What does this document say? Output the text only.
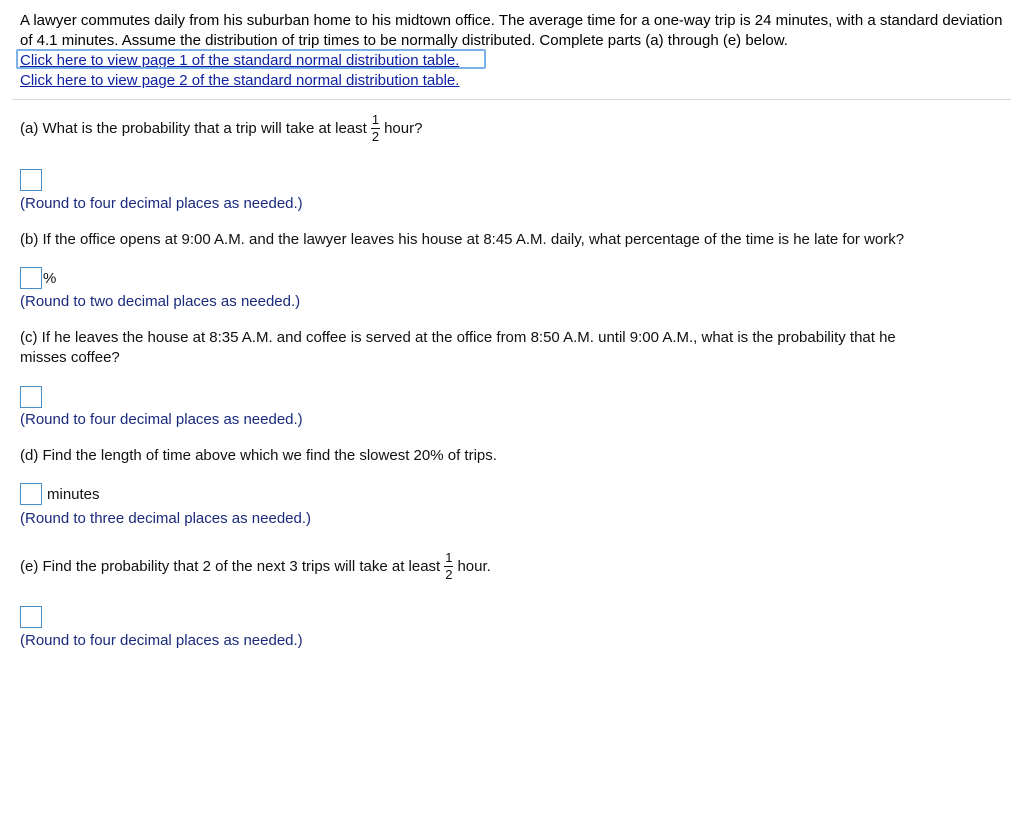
A lawyer commutes daily from his suburban home to his midtown office. The average time for a one-way trip is 24 minutes, with a standard deviation of 4.1 minutes. Assume the distribution of trip times to be normally distributed. Complete parts (a) through (e) below.

Click here to view page 1 of the standard normal distribution table.

Click here to view page 2 of the standard normal distribution table.

(a) What is the probability that a trip will take at least $\frac{1}{2}$ hour?
(Round to four decimal places as needed.)
(b) If the office opens at 9:00 A.M. and the lawyer leaves his house at 8:45 A.M. daily, what percentage of the time is he late for work?
%
(Round to two decimal places as needed.)
(c) If he leaves the house at 8:35 A.M. and coffee is served at the office from 8:50 A.M. until 9:00 A.M., what is the probability that he
misses coffee?
(Round to four decimal places as needed.)
(d) Find the length of time above which we find the slowest 20% of trips.
minutes
(Round to three decimal places as needed.)
(e) Find the probability that 2 of the next 3 trips will take at least $\frac{1}{2}$ hour.
(Round to four decimal places as needed.)
